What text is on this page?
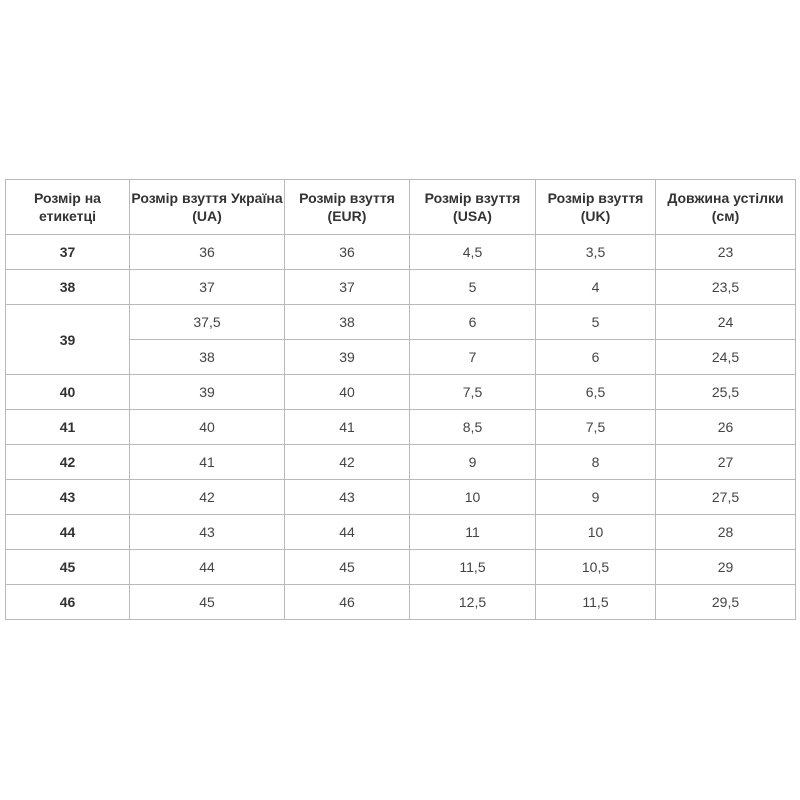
Розмір на етикетці	Розмір взуття Україна (UA)	Розмір взуття (EUR)	Розмір взуття (USA)	Розмір взуття (UK)	Довжина устілки (см)
37	36	36	4,5	3,5	23
38	37	37	5	4	23,5
39	37,5	38	6	5	24
	38	39	7	6	24,5
40	39	40	7,5	6,5	25,5
41	40	41	8,5	7,5	26
42	41	42	9	8	27
43	42	43	10	9	27,5
44	43	44	11	10	28
45	44	45	11,5	10,5	29
46	45	46	12,5	11,5	29,5
